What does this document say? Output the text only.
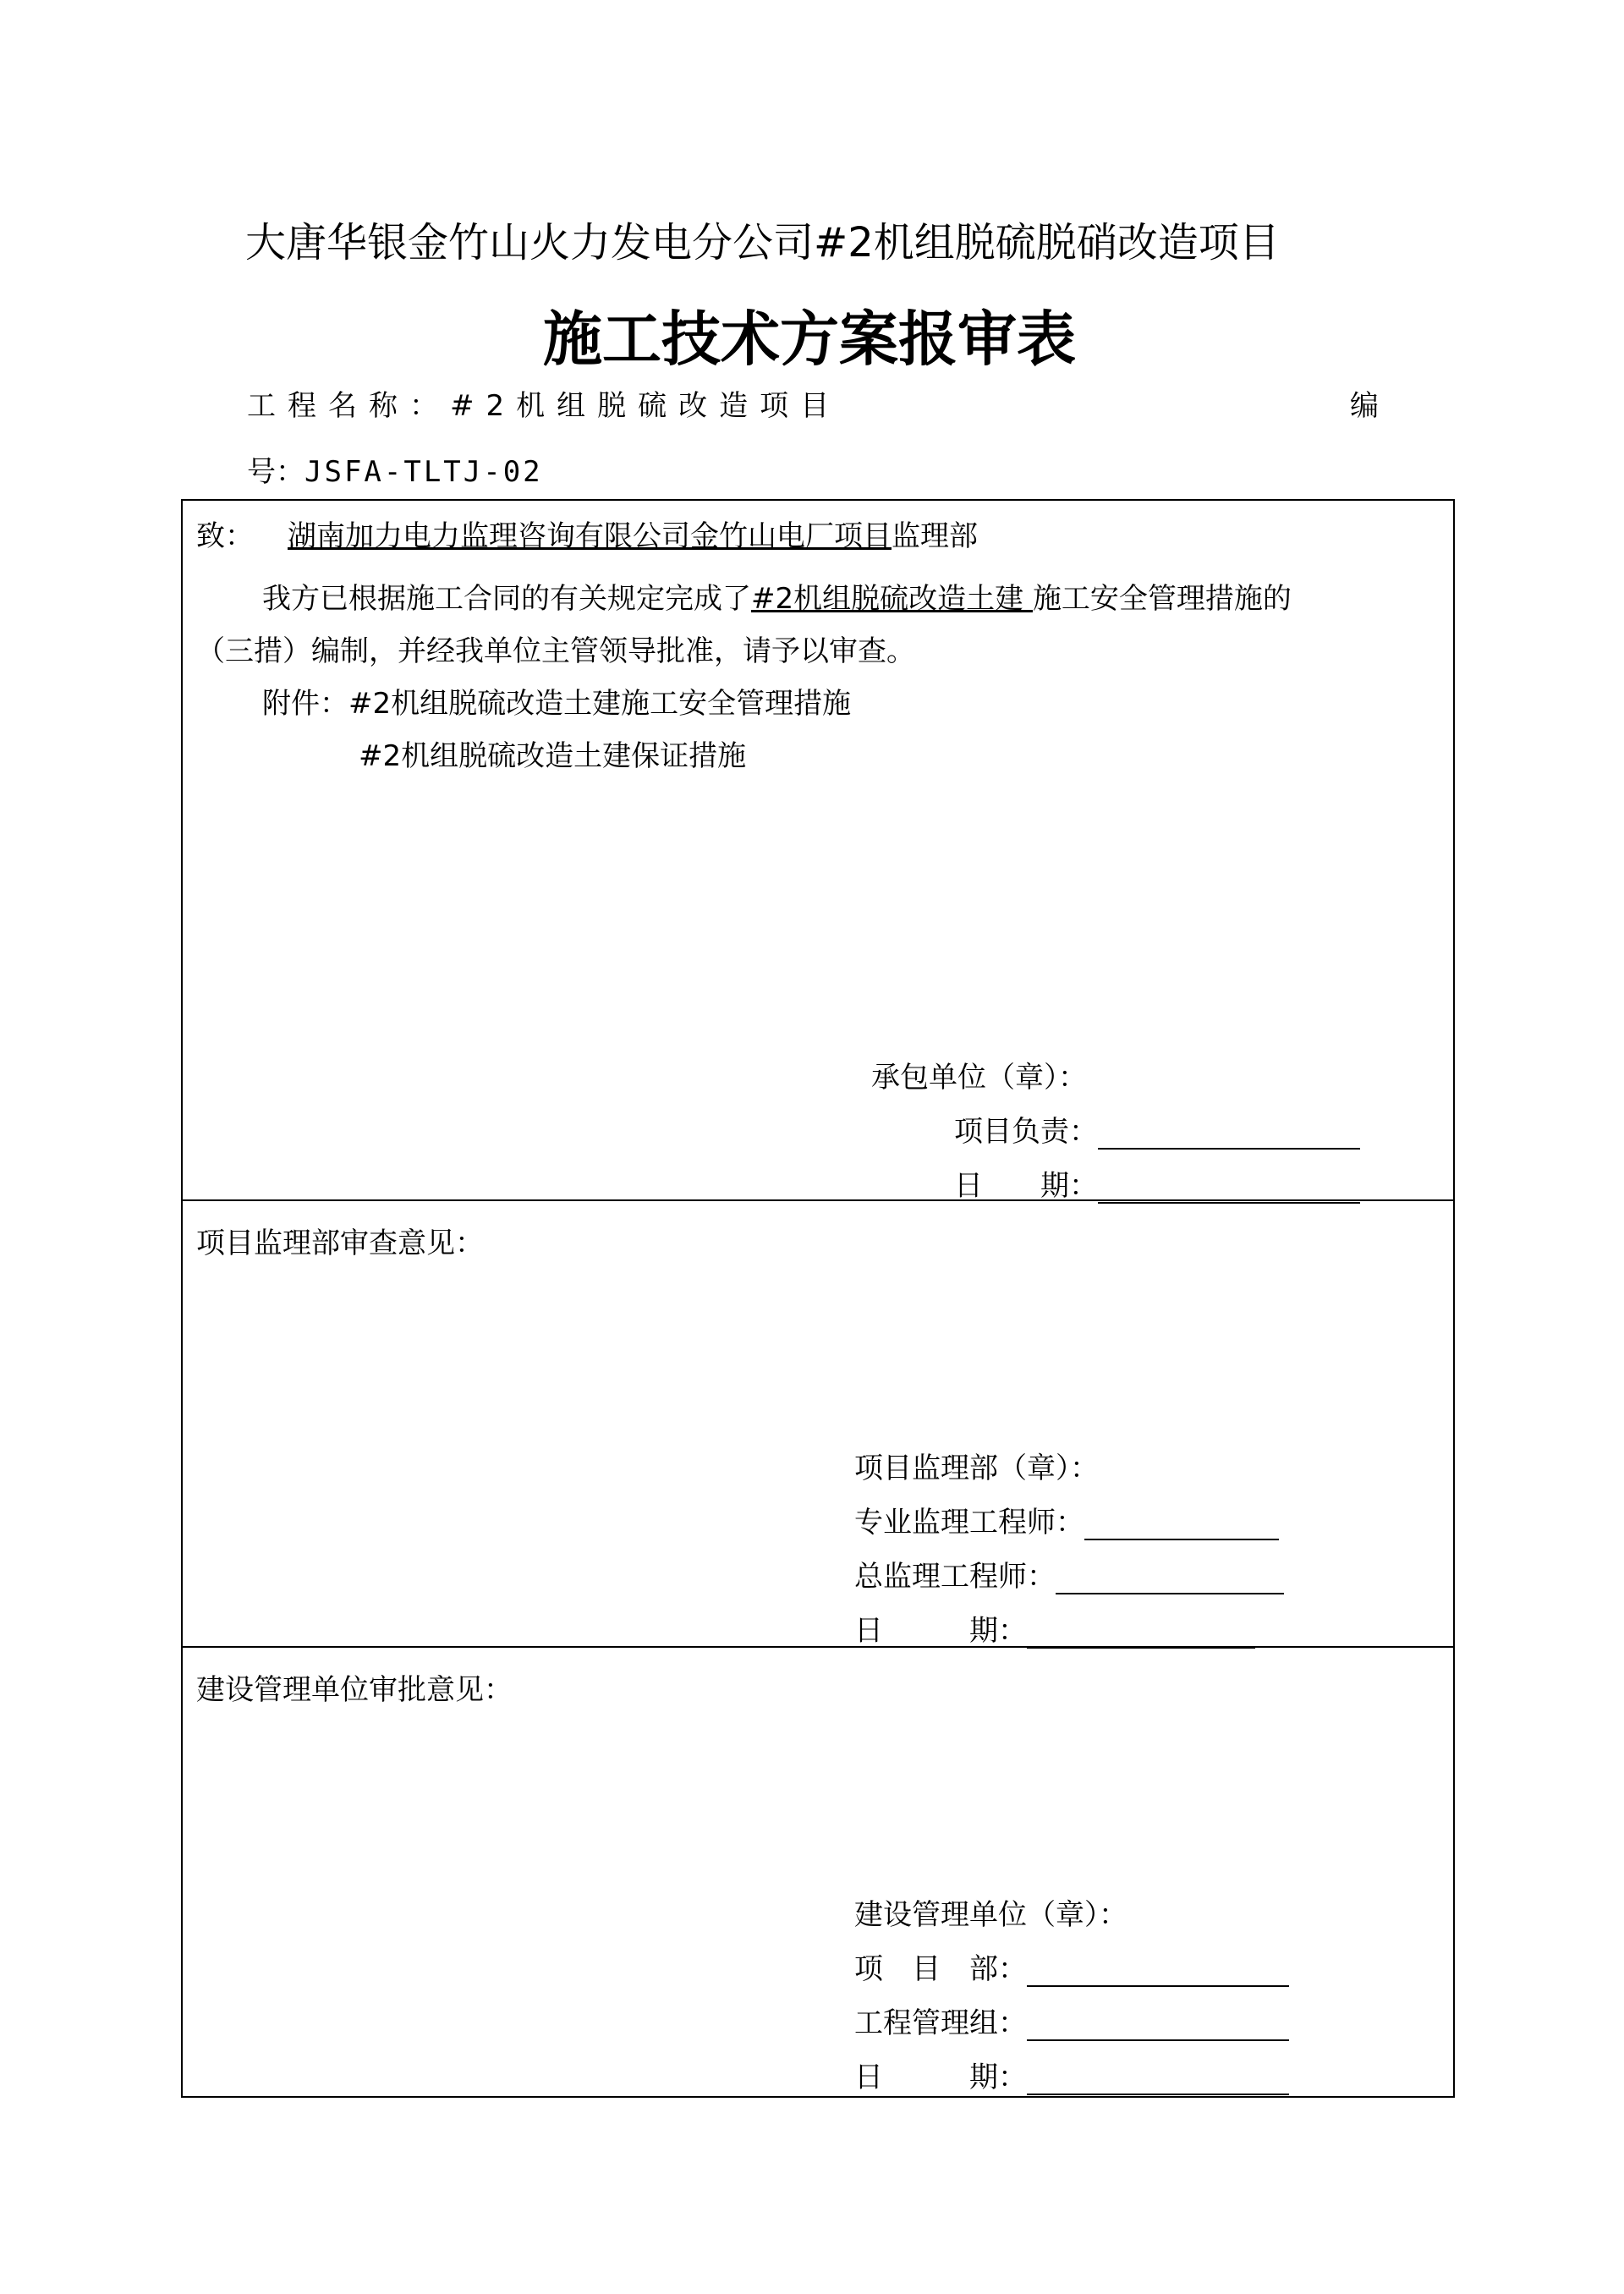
大唐华银金竹山火力发电分公司#2机组脱硫脱硝改造项目
施工技术方案报审表
工程名称：#2机组脱硫改造项目	编
号：JSFA-TLTJ-02
致： 湖南加力电力监理咨询有限公司金竹山电厂项目监理部
我方已根据施工合同的有关规定完成了#2机组脱硫改造土建 施工安全管理措施的
（三措）编制，并经我单位主管领导批准，请予以审查。
附件：#2机组脱硫改造土建施工安全管理措施
#2机组脱硫改造土建保证措施
承包单位（章）：
项目负责：
日　　期：
项目监理部审查意见：
项目监理部（章）：
专业监理工程师：
总监理工程师：
日　　　期：
建设管理单位审批意见：
建设管理单位（章）：
项　目　部：
工程管理组：
日　　　期：
